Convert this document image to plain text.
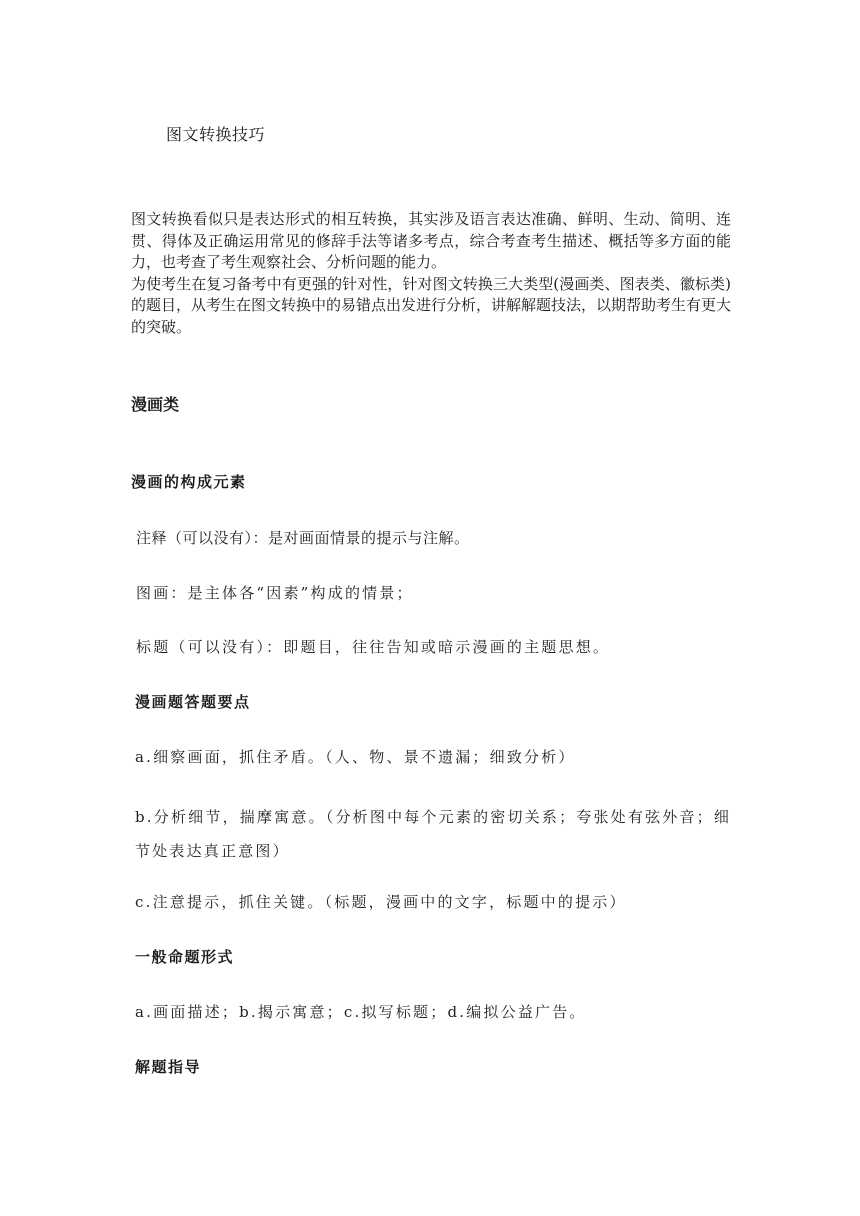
图文转换技巧

图文转换看似只是表达形式的相互转换，其实涉及语言表达准确、鲜明、生动、简明、连贯、得体及正确运用常见的修辞手法等诸多考点，综合考查考生描述、概括等多方面的能力，也考查了考生观察社会、分析问题的能力。

为使考生在复习备考中有更强的针对性，针对图文转换三大类型(漫画类、图表类、徽标类)的题目，从考生在图文转换中的易错点出发进行分析，讲解解题技法，以期帮助考生有更大的突破。

漫画类
漫画的构成元素

注释（可以没有）：是对画面情景的提示与注解。

图画：是主体各“因素”构成的情景；

标题（可以没有）：即题目，往往告知或暗示漫画的主题思想。

漫画题答题要点

a.细察画面，抓住矛盾。（人、物、景不遗漏；细致分析）

b.分析细节，揣摩寓意。（分析图中每个元素的密切关系；夸张处有弦外音；细节处表达真正意图）

c.注意提示，抓住关键。（标题，漫画中的文字，标题中的提示）

一般命题形式

a.画面描述；b.揭示寓意；c.拟写标题；d.编拟公益广告。

解题指导
